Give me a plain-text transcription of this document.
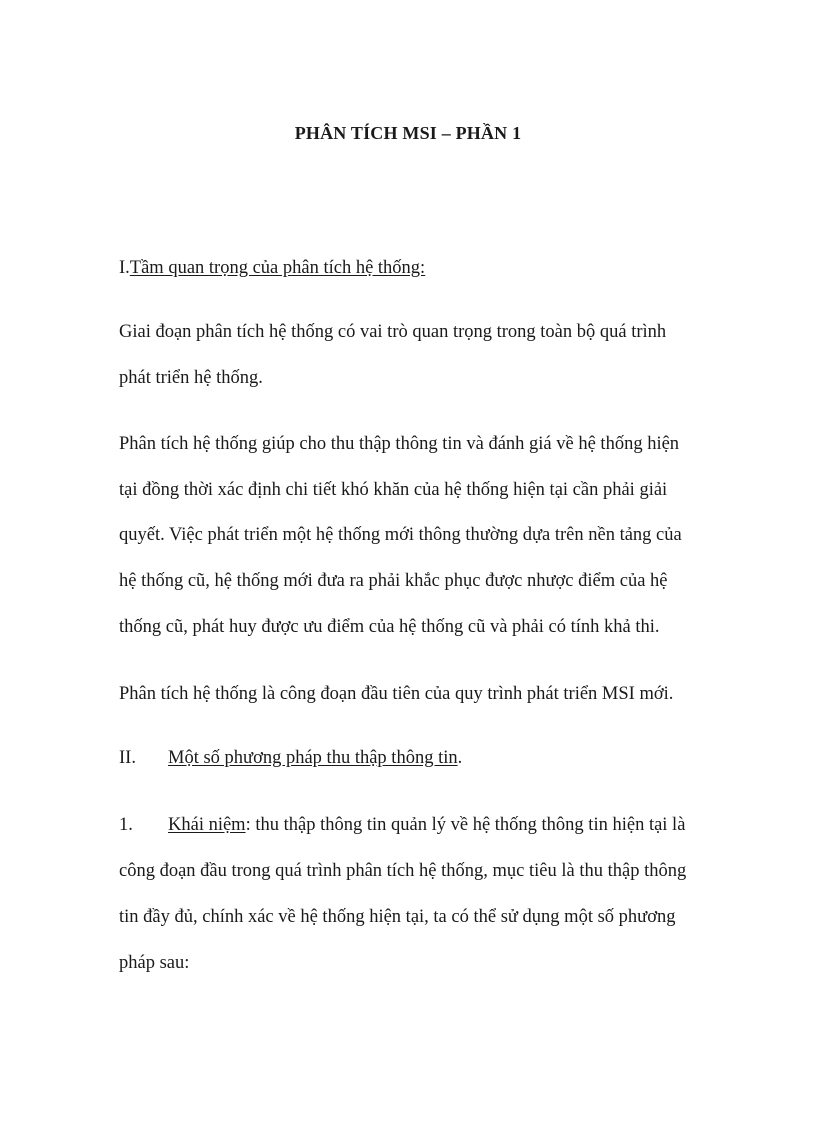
PHÂN TÍCH MSI – PHẦN 1
I.Tầm quan trọng của phân tích hệ thống:
Giai đoạn phân tích hệ thống có vai trò quan trọng trong toàn bộ quá trình
phát triển hệ thống.
Phân tích hệ thống giúp cho thu thập thông tin và đánh giá về hệ thống hiện
tại đồng thời xác định chi tiết khó khăn của hệ thống hiện tại cần phải giải
quyết. Việc phát triển một hệ thống mới thông thường dựa trên nền tảng của
hệ thống cũ, hệ thống mới đưa ra phải khắc phục được nhược điểm của hệ
thống cũ, phát huy được ưu điểm của hệ thống cũ và phải có tính khả thi.
Phân tích hệ thống là công đoạn đầu tiên của quy trình phát triển MSI mới.
II. Một số phương pháp thu thập thông tin.
1. Khái niệm: thu thập thông tin quản lý về hệ thống thông tin hiện tại là
công đoạn đầu trong quá trình phân tích hệ thống, mục tiêu là thu thập thông
tin đầy đủ, chính xác về hệ thống hiện tại, ta có thể sử dụng một số phương
pháp sau:
